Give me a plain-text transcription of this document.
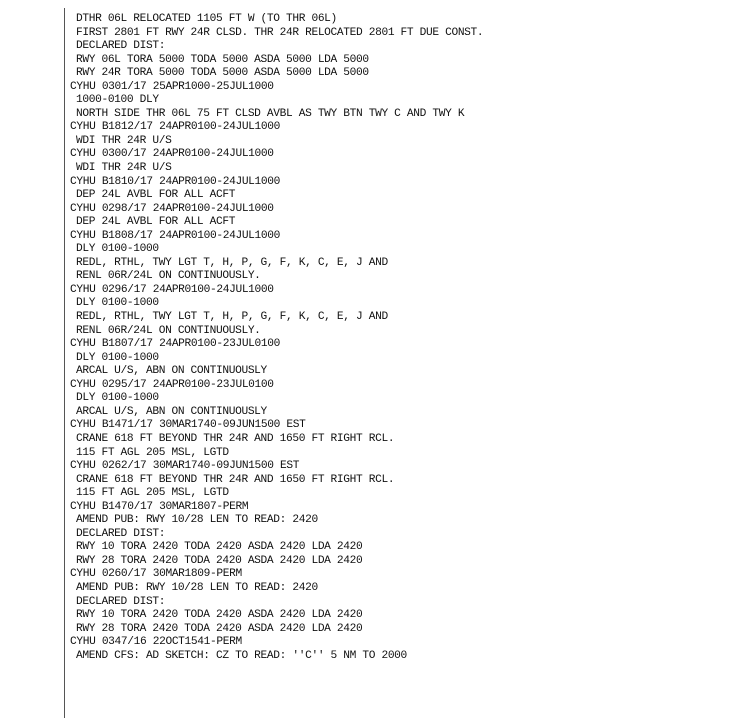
DTHR 06L RELOCATED 1105 FT W (TO THR 06L)
FIRST 2801 FT RWY 24R CLSD. THR 24R RELOCATED 2801 FT DUE CONST.
DECLARED DIST:
RWY 06L TORA 5000 TODA 5000 ASDA 5000 LDA 5000
RWY 24R TORA 5000 TODA 5000 ASDA 5000 LDA 5000
CYHU 0301/17 25APR1000-25JUL1000
1000-0100 DLY
NORTH SIDE THR 06L 75 FT CLSD AVBL AS TWY BTN TWY C AND TWY K
CYHU B1812/17 24APR0100-24JUL1000
WDI THR 24R U/S
CYHU 0300/17 24APR0100-24JUL1000
WDI THR 24R U/S
CYHU B1810/17 24APR0100-24JUL1000
DEP 24L AVBL FOR ALL ACFT
CYHU 0298/17 24APR0100-24JUL1000
DEP 24L AVBL FOR ALL ACFT
CYHU B1808/17 24APR0100-24JUL1000
DLY 0100-1000
REDL, RTHL, TWY LGT T, H, P, G, F, K, C, E, J AND
RENL 06R/24L ON CONTINUOUSLY.
CYHU 0296/17 24APR0100-24JUL1000
DLY 0100-1000
REDL, RTHL, TWY LGT T, H, P, G, F, K, C, E, J AND
RENL 06R/24L ON CONTINUOUSLY.
CYHU B1807/17 24APR0100-23JUL0100
DLY 0100-1000
ARCAL U/S, ABN ON CONTINUOUSLY
CYHU 0295/17 24APR0100-23JUL0100
DLY 0100-1000
ARCAL U/S, ABN ON CONTINUOUSLY
CYHU B1471/17 30MAR1740-09JUN1500 EST
CRANE 618 FT BEYOND THR 24R AND 1650 FT RIGHT RCL.
115 FT AGL 205 MSL, LGTD
CYHU 0262/17 30MAR1740-09JUN1500 EST
CRANE 618 FT BEYOND THR 24R AND 1650 FT RIGHT RCL.
115 FT AGL 205 MSL, LGTD
CYHU B1470/17 30MAR1807-PERM
AMEND PUB: RWY 10/28 LEN TO READ: 2420
DECLARED DIST:
RWY 10 TORA 2420 TODA 2420 ASDA 2420 LDA 2420
RWY 28 TORA 2420 TODA 2420 ASDA 2420 LDA 2420
CYHU 0260/17 30MAR1809-PERM
AMEND PUB: RWY 10/28 LEN TO READ: 2420
DECLARED DIST:
RWY 10 TORA 2420 TODA 2420 ASDA 2420 LDA 2420
RWY 28 TORA 2420 TODA 2420 ASDA 2420 LDA 2420
CYHU 0347/16 22OCT1541-PERM
AMEND CFS: AD SKETCH: CZ TO READ: ''C'' 5 NM TO 2000
